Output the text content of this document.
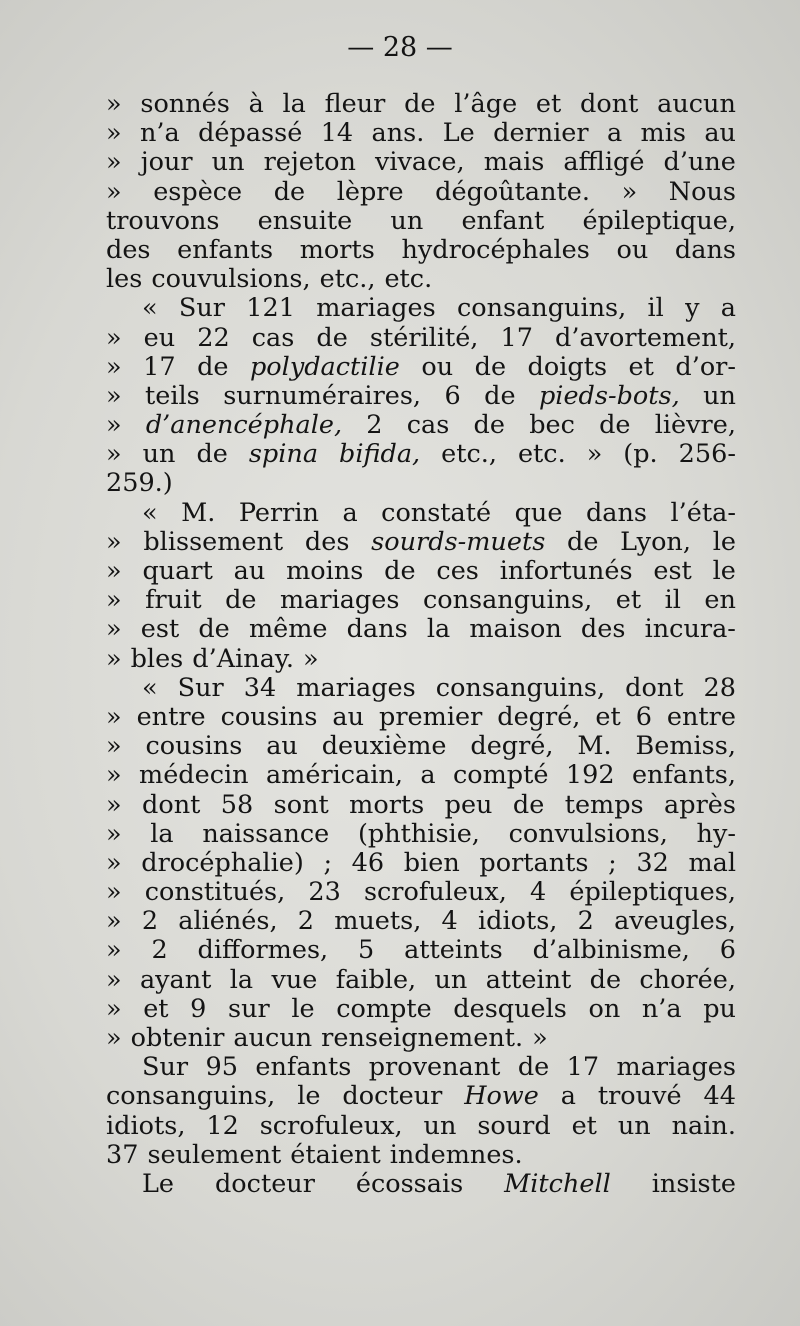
— 28 —
» sonnés à la fleur de l’âge et dont aucun
» n’a dépassé 14 ans. Le dernier a mis au
» jour un rejeton vivace, mais affligé d’une
» espèce de lèpre dégoûtante. » Nous
trouvons ensuite un enfant épileptique,
des enfants morts hydrocéphales ou dans
les couvulsions, etc., etc.
« Sur 121 mariages consanguins, il y a
» eu 22 cas de stérilité, 17 d’avortement,
» 17 de polydactilie ou de doigts et d’or-
» teils surnuméraires, 6 de pieds-bots, un
» d’anencéphale, 2 cas de bec de lièvre,
» un de spina bifida, etc., etc. » (p. 256-
259.)
« M. Perrin a constaté que dans l’éta-
» blissement des sourds-muets de Lyon, le
» quart au moins de ces infortunés est le
» fruit de mariages consanguins, et il en
» est de même dans la maison des incura-
» bles d’Ainay. »
« Sur 34 mariages consanguins, dont 28
» entre cousins au premier degré, et 6 entre
» cousins au deuxième degré, M. Bemiss,
» médecin américain, a compté 192 enfants,
» dont 58 sont morts peu de temps après
» la naissance (phthisie, convulsions, hy-
» drocéphalie) ; 46 bien portants ; 32 mal
» constitués, 23 scrofuleux, 4 épileptiques,
» 2 aliénés, 2 muets, 4 idiots, 2 aveugles,
» 2 difformes, 5 atteints d’albinisme, 6
» ayant la vue faible, un atteint de chorée,
» et 9 sur le compte desquels on n’a pu
» obtenir aucun renseignement. »
Sur 95 enfants provenant de 17 mariages
consanguins, le docteur Howe a trouvé 44
idiots, 12 scrofuleux, un sourd et un nain.
37 seulement étaient indemnes.
Le docteur écossais Mitchell insiste
